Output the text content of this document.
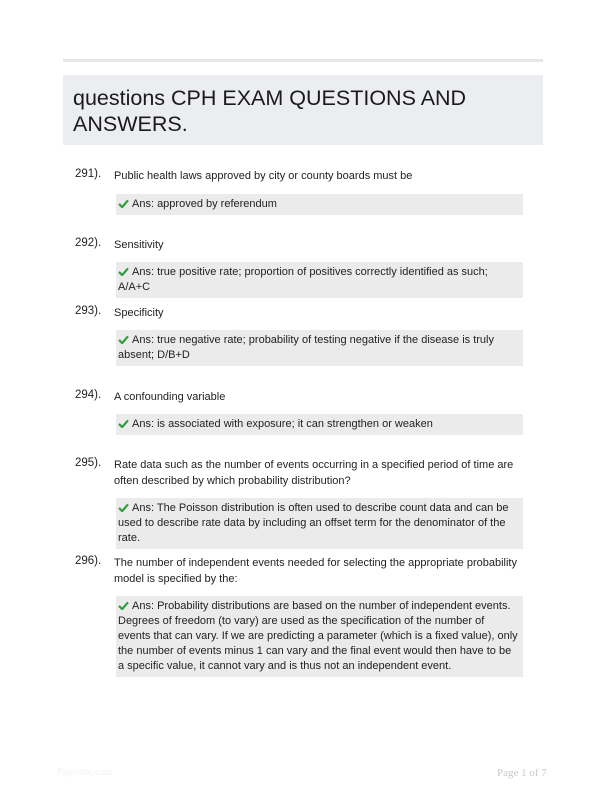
questions CPH EXAM QUESTIONS AND ANSWERS.
291). Public health laws approved by city or county boards must be
Ans: approved by referendum
292). Sensitivity
Ans: true positive rate; proportion of positives correctly identified as such; A/A+C
293). Specificity
Ans: true negative rate; probability of testing negative if the disease is truly absent; D/B+D
294). A confounding variable
Ans: is associated with exposure; it can strengthen or weaken
295). Rate data such as the number of events occurring in a specified period of time are often described by which probability distribution?
Ans: The Poisson distribution is often used to describe count data and can be used to describe rate data by including an offset term for the denominator of the rate.
296). The number of independent events needed for selecting the appropriate probability model is specified by the:
Ans: Probability distributions are based on the number of independent events. Degrees of freedom (to vary) are used as the specification of the number of events that can vary. If we are predicting a parameter (which is a fixed value), only the number of events minus 1 can vary and the final event would then have to be a specific value, it cannot vary and is thus not an independent event.
Papertilc.com	Page 1 of 7
